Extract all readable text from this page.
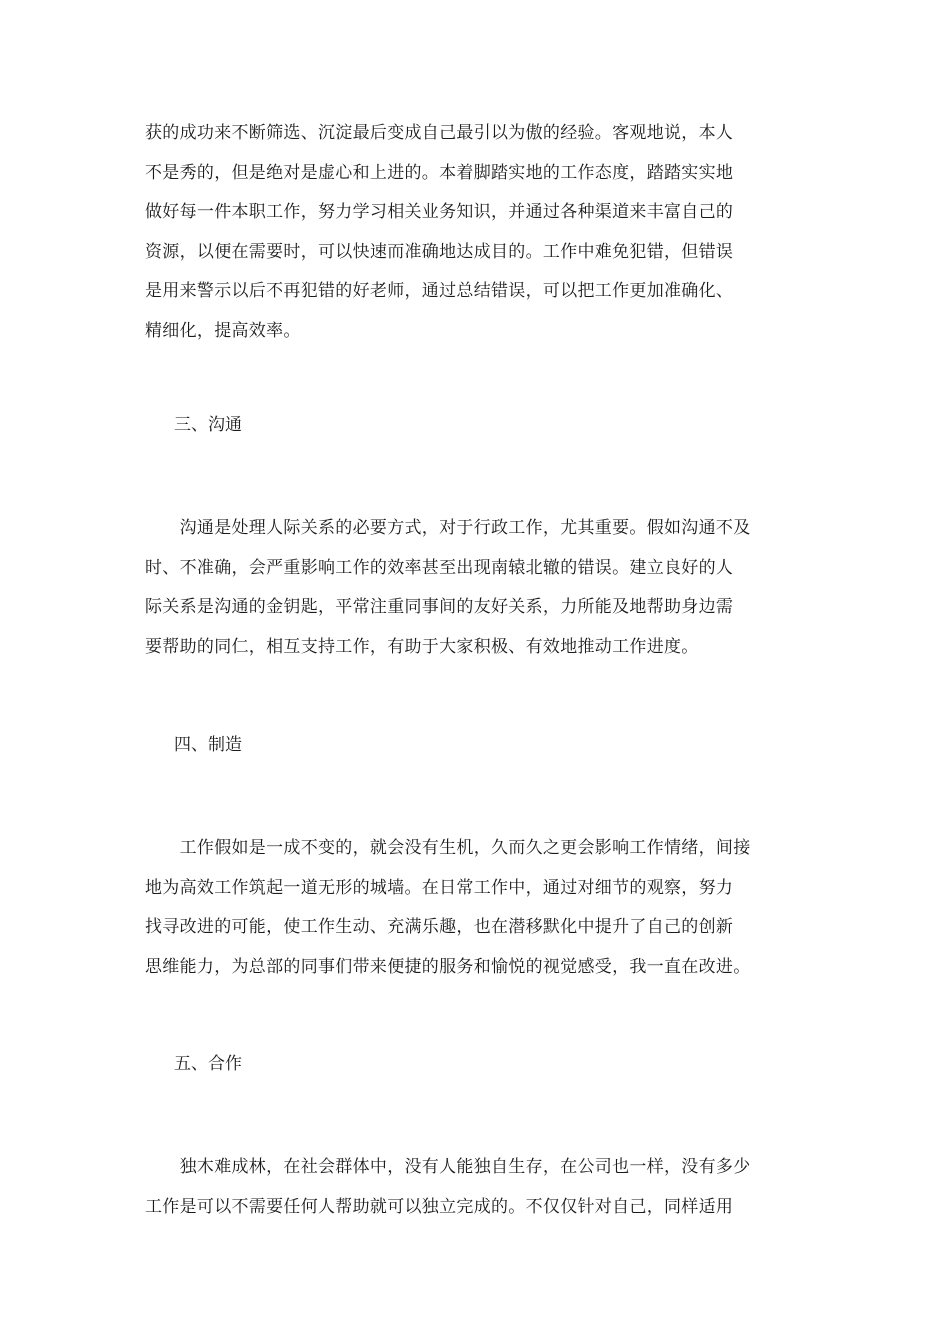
获的成功来不断筛选、沉淀最后变成自己最引以为傲的经验。客观地说，本人
不是秀的，但是绝对是虚心和上进的。本着脚踏实地的工作态度，踏踏实实地
做好每一件本职工作，努力学习相关业务知识，并通过各种渠道来丰富自己的
资源，以便在需要时，可以快速而准确地达成目的。工作中难免犯错，但错误
是用来警示以后不再犯错的好老师，通过总结错误，可以把工作更加准确化、
精细化，提高效率。
三、沟通
　　沟通是处理人际关系的必要方式，对于行政工作，尤其重要。假如沟通不及
时、不准确，会严重影响工作的效率甚至出现南辕北辙的错误。建立良好的人
际关系是沟通的金钥匙，平常注重同事间的友好关系，力所能及地帮助身边需
要帮助的同仁，相互支持工作，有助于大家积极、有效地推动工作进度。
四、制造
　　工作假如是一成不变的，就会没有生机，久而久之更会影响工作情绪，间接
地为高效工作筑起一道无形的城墙。在日常工作中，通过对细节的观察，努力
找寻改进的可能，使工作生动、充满乐趣，也在潜移默化中提升了自己的创新
思维能力，为总部的同事们带来便捷的服务和愉悦的视觉感受，我一直在改进。
五、合作
　　独木难成林，在社会群体中，没有人能独自生存，在公司也一样，没有多少
工作是可以不需要任何人帮助就可以独立完成的。不仅仅针对自己，同样适用
